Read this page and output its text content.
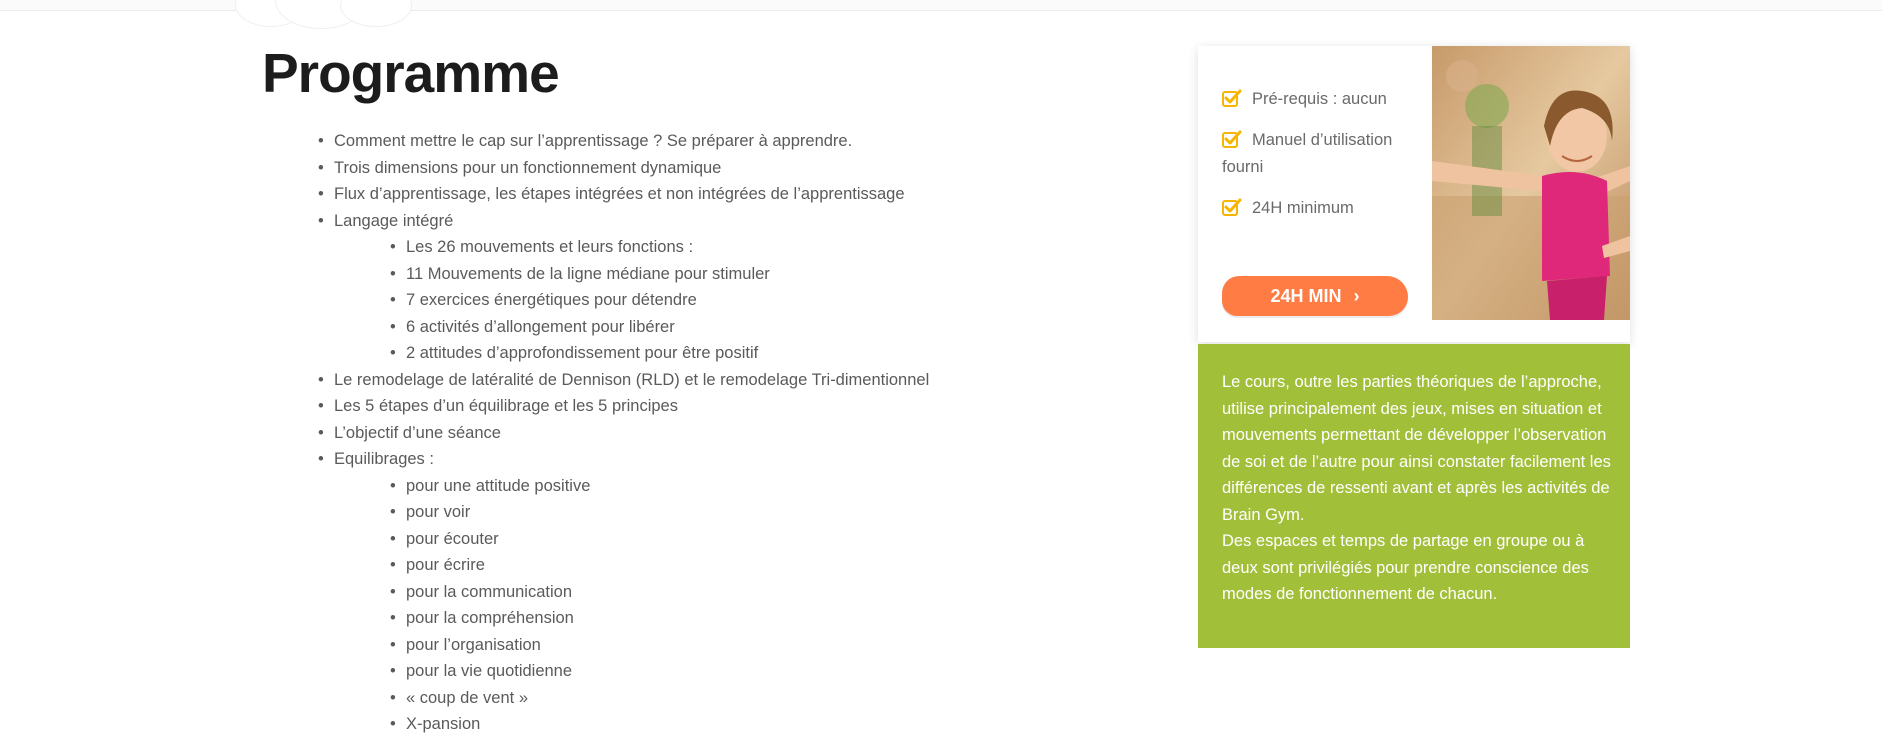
Programme
• Comment mettre le cap sur l’apprentissage ? Se préparer à apprendre.
• Trois dimensions pour un fonctionnement dynamique
• Flux d’apprentissage, les étapes intégrées et non intégrées de l’apprentissage
• Langage intégré
• Les 26 mouvements et leurs fonctions :
• 11 Mouvements de la ligne médiane pour stimuler
• 7 exercices énergétiques pour détendre
• 6 activités d’allongement pour libérer
• 2 attitudes d’approfondissement pour être positif
• Le remodelage de latéralité de Dennison (RLD) et le remodelage Tri-dimentionnel
• Les 5 étapes d’un équilibrage et les 5 principes
• L’objectif d’une séance
• Equilibrages :
• pour une attitude positive
• pour voir
• pour écouter
• pour écrire
• pour la communication
• pour la compréhension
• pour l’organisation
• pour la vie quotidienne
• « coup de vent »
• X-pansion
Pré-requis : aucun
Manuel d’utilisation fourni
24H minimum
24H MIN ›

Le cours, outre les parties théoriques de l’approche, utilise principalement des jeux, mises en situation et mouvements permettant de développer l’observation de soi et de l’autre pour ainsi constater facilement les différences de ressenti avant et après les activités de Brain Gym.
Des espaces et temps de partage en groupe ou à deux sont privilégiés pour prendre conscience des modes de fonctionnement de chacun.
